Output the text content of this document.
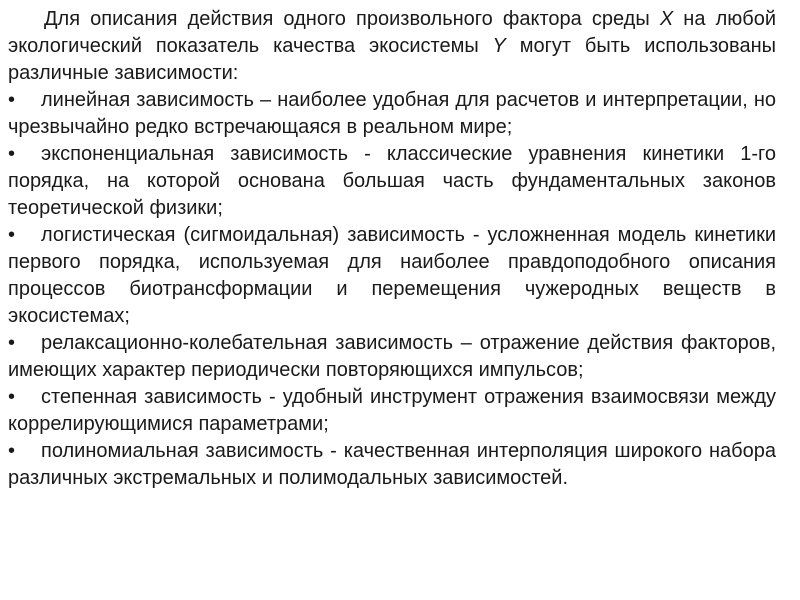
Для описания действия одного произвольного фактора среды X на любой экологический показатель качества экосистемы Y могут быть использованы различные зависимости:

• линейная зависимость – наиболее удобная для расчетов и интерпретации, но чрезвычайно редко встречающаяся в реальном мире;
• экспоненциальная зависимость - классические уравнения кинетики 1-го порядка, на которой основана большая часть фундаментальных законов теоретической физики;
• логистическая (сигмоидальная) зависимость - усложненная модель кинетики первого порядка, используемая для наиболее правдоподобного описания процессов биотрансформации и перемещения чужеродных веществ в экосистемах;
• релаксационно-колебательная зависимость – отражение действия факторов, имеющих характер периодически повторяющихся импульсов;
• степенная зависимость - удобный инструмент отражения взаимосвязи между коррелирующимися параметрами;
• полиномиальная зависимость - качественная интерполяция широкого набора различных экстремальных и полимодальных зависимостей.
